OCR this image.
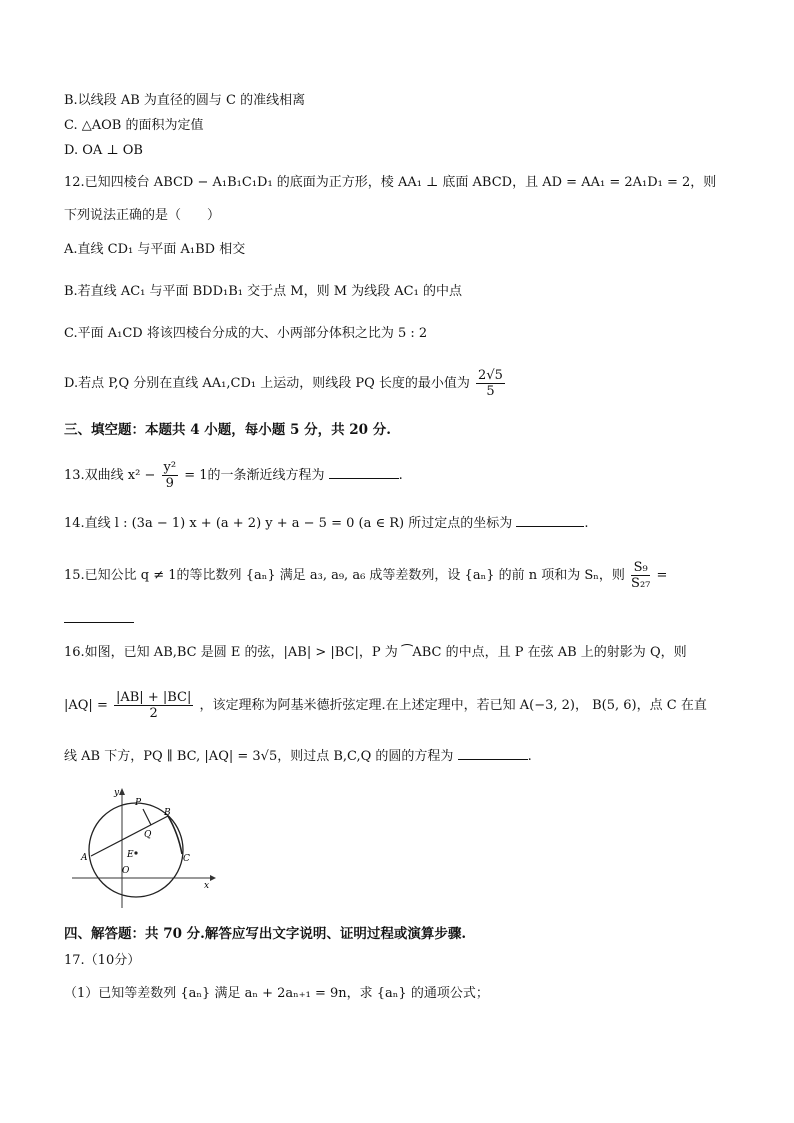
B.以线段 AB 为直径的圆与 C 的准线相离
C. △AOB 的面积为定值
D. OA ⊥ OB
12.已知四棱台 ABCD − A₁B₁C₁D₁ 的底面为正方形，棱 AA₁ ⊥ 底面 ABCD，且 AD = AA₁ = 2A₁D₁ = 2，则
下列说法正确的是（　　）
A.直线 CD₁ 与平面 A₁BD 相交
B.若直线 AC₁ 与平面 BDD₁B₁ 交于点 M，则 M 为线段 AC₁ 的中点
C.平面 A₁CD 将该四棱台分成的大、小两部分体积之比为 5 : 2
D.若点 P,Q 分别在直线 AA₁,CD₁ 上运动，则线段 PQ 长度的最小值为 $\frac{2√5}{5}$
三、填空题：本题共 4 小题，每小题 5 分，共 20 分.
13.双曲线 $x^2 - \frac{\text{y²}}{9} = 1$的一条渐近线方程为	.
14.直线 l : (3a − 1) x + (a + 2) y + a − 5 = 0 (a ∈ R) 所过定点的坐标为	.
15.已知公比 q ≠ 1的等比数列 {aₙ} 满足 a₃, a₉, a₆ 成等差数列，设 {aₙ} 的前 n 项和为 Sₙ，则 $\frac{\text{S₉}}{\text{S₂₇}}$ =
16.如图，已知 AB,BC 是圆 E 的弦，|AB| > |BC|，P 为 ⁀ABC 的中点，且 P 在弦 AB 上的射影为 Q，则
$|AQ| = \frac{|AB| + |BC|}{2}$ ，该定理称为阿基米德折弦定理.在上述定理中，若已知 A(−3, 2)， B(5, 6)，点 C 在直
线 AB 下方，PQ ∥ BC, |AQ| = 3√5，则过点 B,C,Q 的圆的方程为	.
y
x
O
P
B
Q
A	E	C
四、解答题：共 70 分.解答应写出文字说明、证明过程或演算步骤.
17.（10分）
（1）已知等差数列 {aₙ} 满足 aₙ + 2aₙ₊₁ = 9n，求 {aₙ} 的通项公式；
